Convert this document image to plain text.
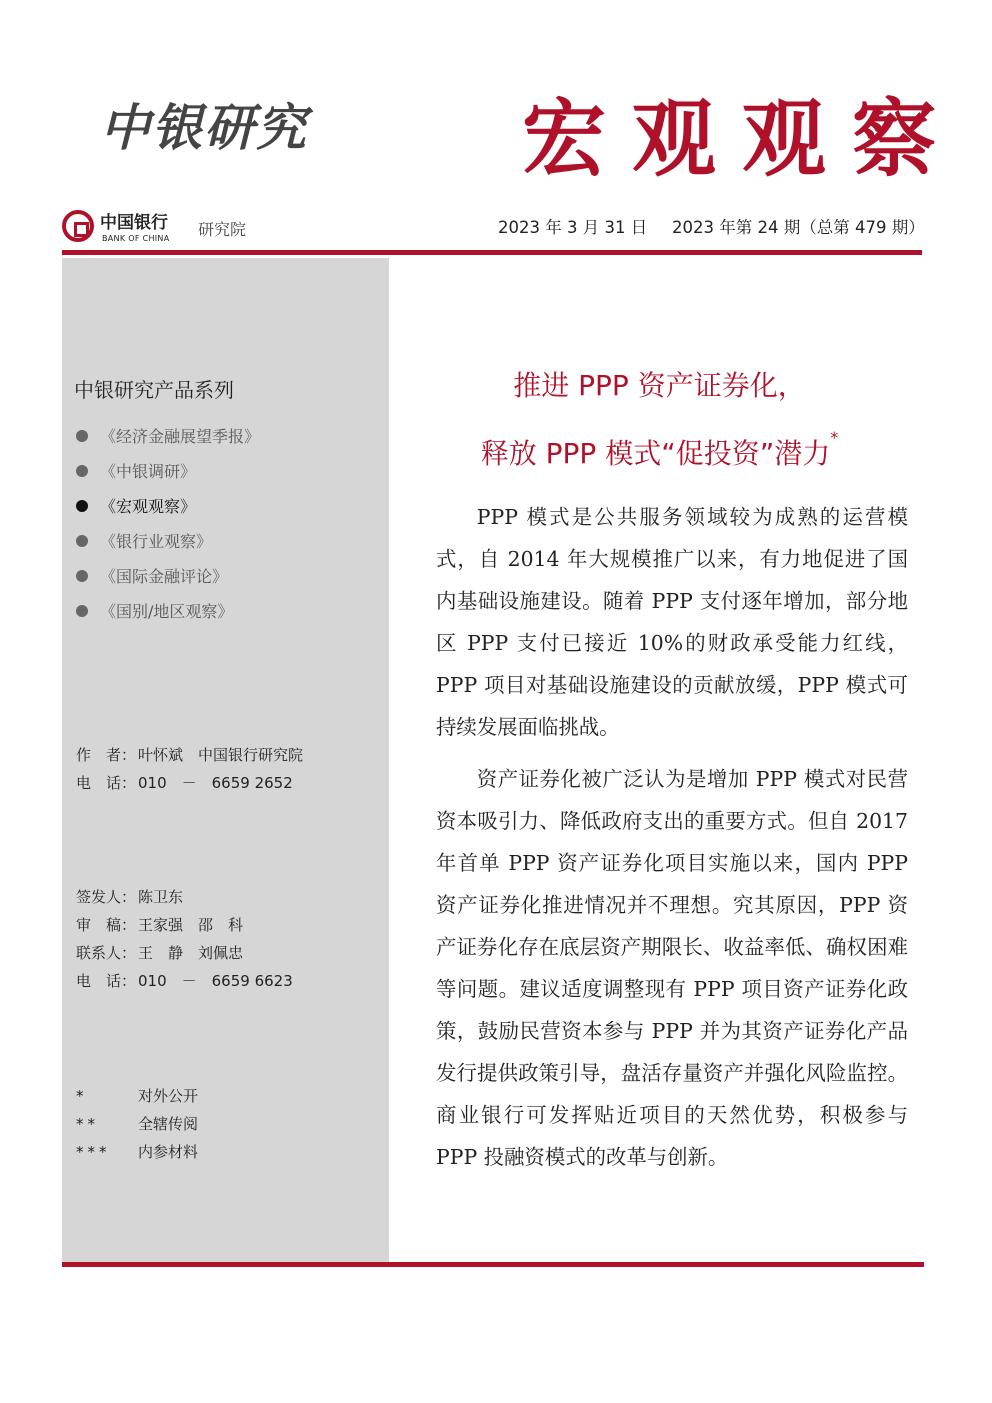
中银研究	宏观观察
中国银行
BANK OF CHINA 研究院	2023 年 3 月 31 日 2023 年第 24 期（总第 479 期）
中银研究产品系列
《经济金融展望季报》
《中银调研》
《宏观观察》
《银行业观察》
《国际金融评论》
《国别/地区观察》
作　者： 叶怀斌　中国银行研究院
电　话： 010　－　6659 2652
签发人： 陈卫东
审　稿： 王家强　邵　科
联系人： 王　静　刘佩忠
电　话： 010　－　6659 6623
*	对外公开
**	全辖传阅
*** 内参材料
推进 PPP 资产证券化，
释放 PPP 模式“促投资”潜力*

PPP 模式是公共服务领域较为成熟的运营模式，自 2014 年大规模推广以来，有力地促进了国内基础设施建设。随着 PPP 支付逐年增加，部分地区 PPP 支付已接近 10%的财政承受能力红线，PPP 项目对基础设施建设的贡献放缓，PPP 模式可持续发展面临挑战。

资产证券化被广泛认为是增加 PPP 模式对民营资本吸引力、降低政府支出的重要方式。但自 2017 年首单 PPP 资产证券化项目实施以来，国内 PPP 资产证券化推进情况并不理想。究其原因，PPP 资产证券化存在底层资产期限长、收益率低、确权困难等问题。建议适度调整现有 PPP 项目资产证券化政策，鼓励民营资本参与 PPP 并为其资产证券化产品发行提供政策引导，盘活存量资产并强化风险监控。商业银行可发挥贴近项目的天然优势，积极参与 PPP 投融资模式的改革与创新。
